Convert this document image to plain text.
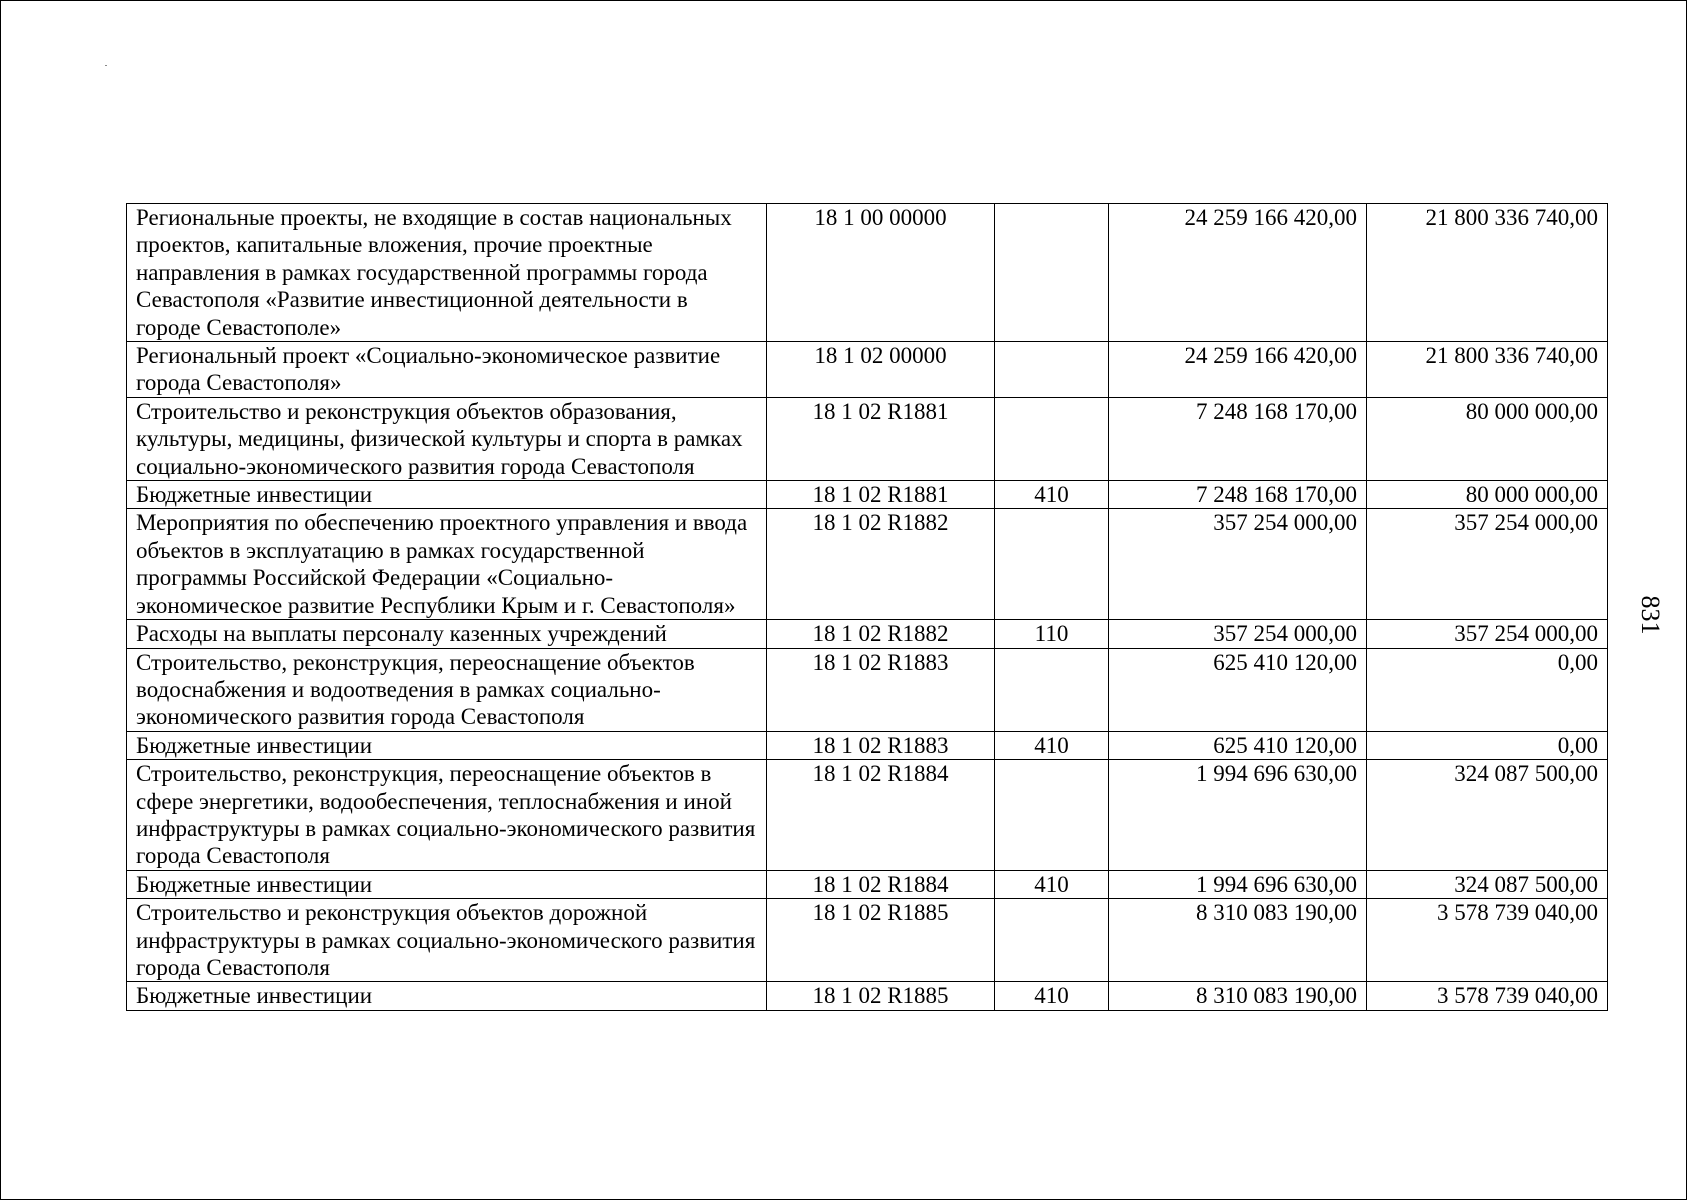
Региональные проекты, не входящие в состав национальных проектов, капитальные вложения, прочие проектные направления в рамках государственной программы города Севастополя «Развитие инвестиционной деятельности в городе Севастополе»	18 1 00 00000		24 259 166 420,00	21 800 336 740,00
Региональный проект «Социально-экономическое развитие города Севастополя»	18 1 02 00000		24 259 166 420,00	21 800 336 740,00
Строительство и реконструкция объектов образования, культуры, медицины, физической культуры и спорта в рамках социально-экономического развития города Севастополя	18 1 02 R1881		7 248 168 170,00	80 000 000,00
Бюджетные инвестиции	18 1 02 R1881	410	7 248 168 170,00	80 000 000,00
Мероприятия по обеспечению проектного управления и ввода объектов в эксплуатацию в рамках государственной программы Российской Федерации «Социально-экономическое развитие Республики Крым и г. Севастополя»	18 1 02 R1882		357 254 000,00	357 254 000,00
Расходы на выплаты персоналу казенных учреждений	18 1 02 R1882	110	357 254 000,00	357 254 000,00
Строительство, реконструкция, переоснащение объектов водоснабжения и водоотведения в рамках социально-экономического развития города Севастополя	18 1 02 R1883		625 410 120,00	0,00
Бюджетные инвестиции	18 1 02 R1883	410	625 410 120,00	0,00
Строительство, реконструкция, переоснащение объектов в сфере энергетики, водообеспечения, теплоснабжения и иной инфраструктуры в рамках социально-экономического развития города Севастополя	18 1 02 R1884		1 994 696 630,00	324 087 500,00
Бюджетные инвестиции	18 1 02 R1884	410	1 994 696 630,00	324 087 500,00
Строительство и реконструкция объектов дорожной инфраструктуры в рамках социально-экономического развития города Севастополя	18 1 02 R1885		8 310 083 190,00	3 578 739 040,00
Бюджетные инвестиции	18 1 02 R1885	410	8 310 083 190,00	3 578 739 040,00
831
